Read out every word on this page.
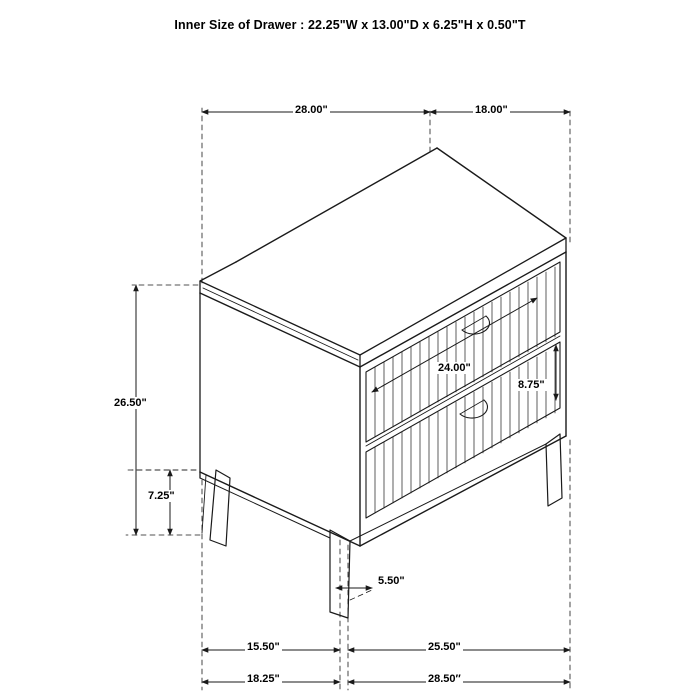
Inner Size of Drawer : 22.25"W x 13.00"D x 6.25"H x 0.50"T
28.00"	18.00"
26.50"
7.25"
24.00"
8.75"
5.50"
15.50"	25.50"
18.25"	28.50″
